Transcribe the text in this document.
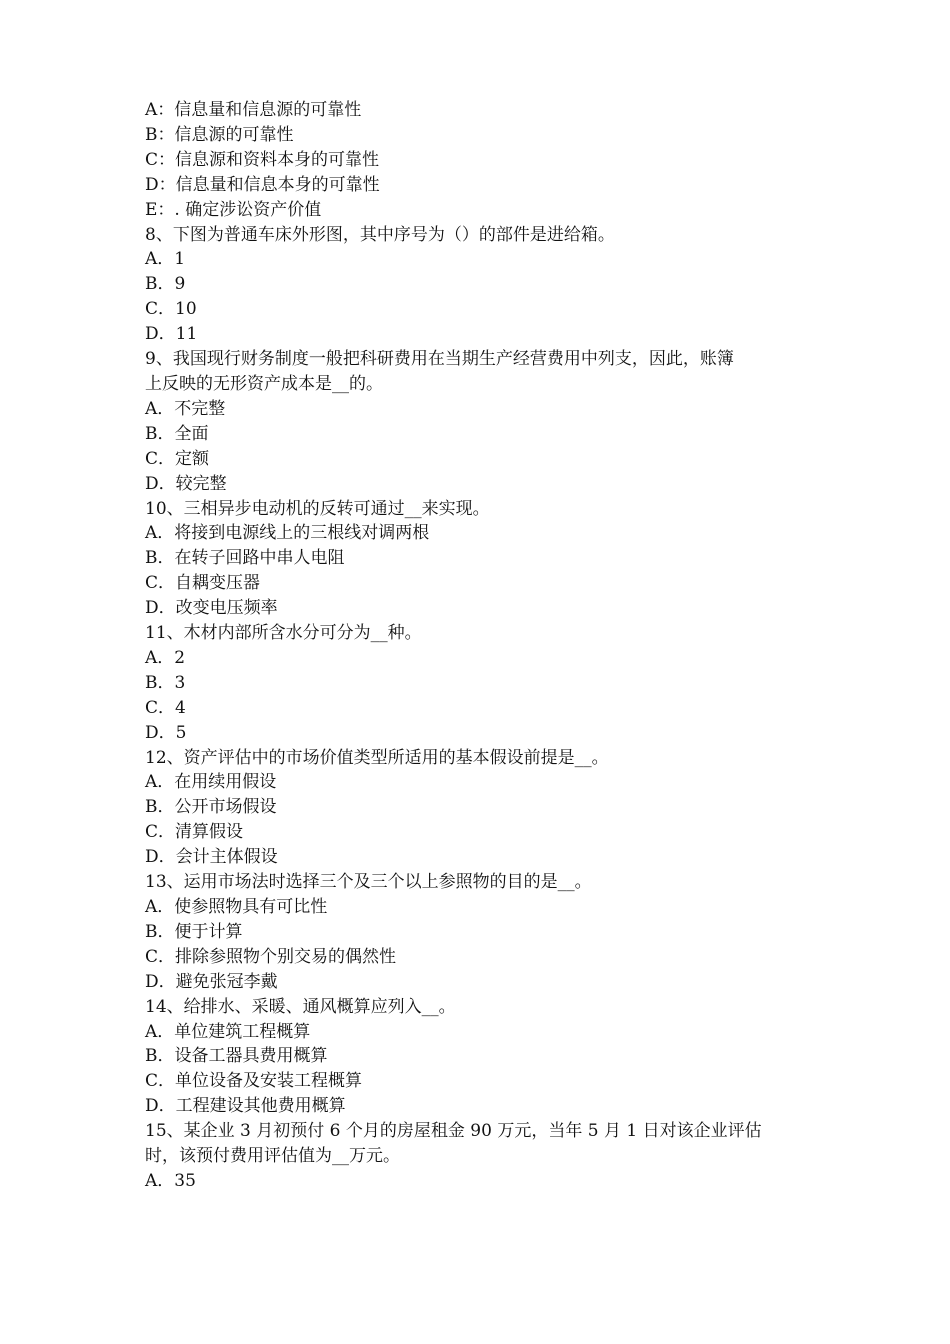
A：信息量和信息源的可靠性
B：信息源的可靠性
C：信息源和资料本身的可靠性
D：信息量和信息本身的可靠性
E：. 确定涉讼资产价值
8、下图为普通车床外形图，其中序号为（）的部件是进给箱。
A．1
B．9
C．10
D．11
9、我国现行财务制度一般把科研费用在当期生产经营费用中列支，因此，账簿
上反映的无形资产成本是__的。
A．不完整
B．全面
C．定额
D．较完整
10、三相异步电动机的反转可通过__来实现。
A．将接到电源线上的三根线对调两根
B．在转子回路中串人电阻
C．自耦变压器
D．改变电压频率
11、木材内部所含水分可分为__种。
A．2
B．3
C．4
D．5
12、资产评估中的市场价值类型所适用的基本假设前提是__。
A．在用续用假设
B．公开市场假设
C．清算假设
D．会计主体假设
13、运用市场法时选择三个及三个以上参照物的目的是__。
A．使参照物具有可比性
B．便于计算
C．排除参照物个别交易的偶然性
D．避免张冠李戴
14、给排水、采暖、通风概算应列入__。
A．单位建筑工程概算
B．设备工器具费用概算
C．单位设备及安装工程概算
D．工程建设其他费用概算
15、某企业 3 月初预付 6 个月的房屋租金 90 万元，当年 5 月 1 日对该企业评估
时，该预付费用评估值为__万元。
A．35
